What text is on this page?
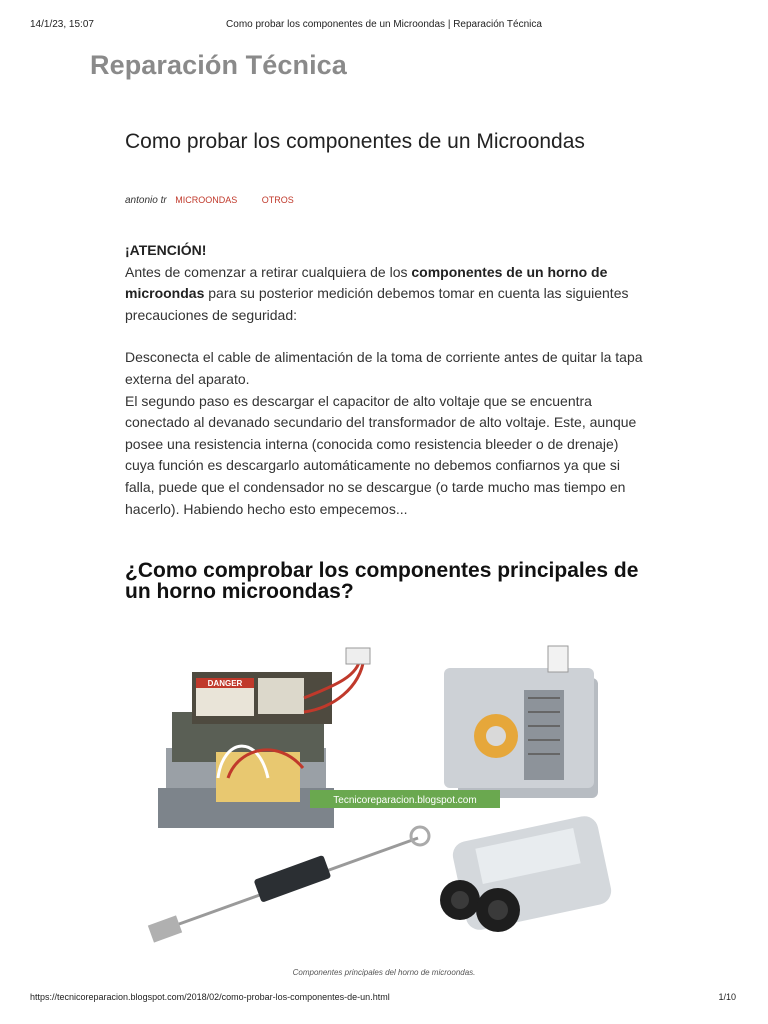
14/1/23, 15:07	Como probar los componentes de un Microondas | Reparación Técnica
Reparación Técnica
Como probar los componentes de un Microondas
antonio tr MICROONDAS	OTROS

¡ATENCIÓN!

Antes de comenzar a retirar cualquiera de los componentes de un horno de microondas para su posterior medición debemos tomar en cuenta las siguientes precauciones de seguridad:

Desconecta el cable de alimentación de la toma de corriente antes de quitar la tapa externa del aparato.

El segundo paso es descargar el capacitor de alto voltaje que se encuentra conectado al devanado secundario del transformador de alto voltaje. Este, aunque posee una resistencia interna (conocida como resistencia bleeder o de drenaje) cuya función es descargarlo automáticamente no debemos confiarnos ya que si falla, puede que el condensador no se descargue (o tarde mucho mas tiempo en hacerlo). Habiendo hecho esto empecemos...

¿Como comprobar los componentes principales de un horno microondas?
DANGER
Tecnicoreparacion.blogspot.com
Componentes principales del horno de microondas.
https://tecnicoreparacion.blogspot.com/2018/02/como-probar-los-componentes-de-un.html	1/10
